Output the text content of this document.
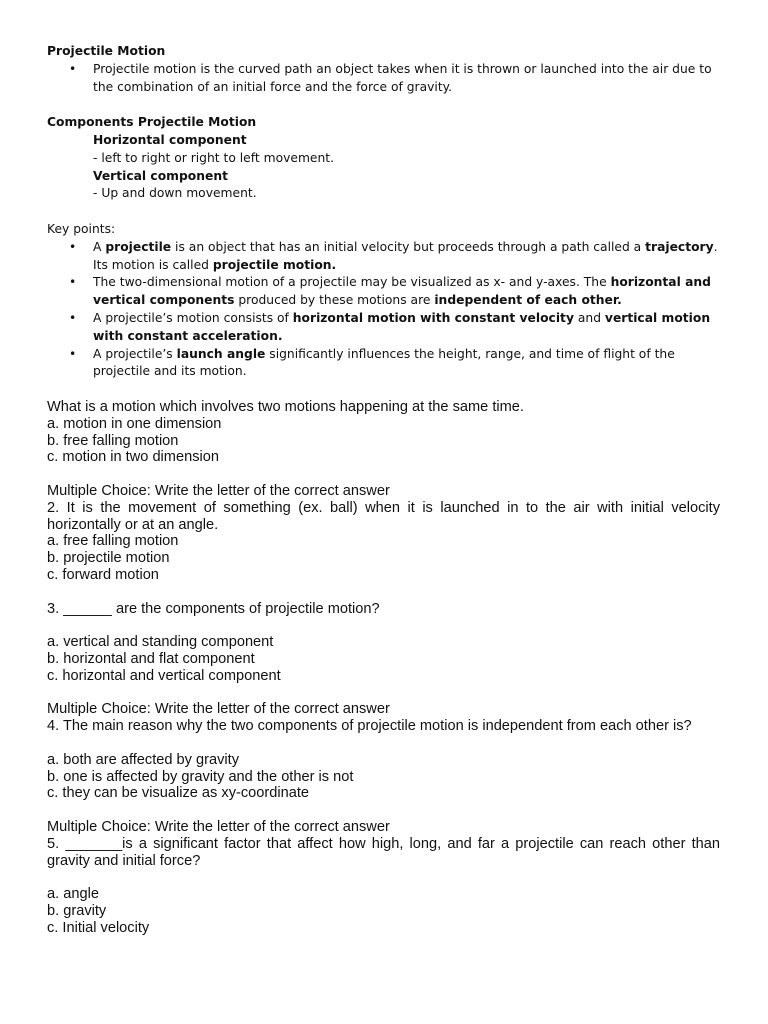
Projectile Motion
• Projectile motion is the curved path an object takes when it is thrown or launched into the air due to the combination of an initial force and the force of gravity.
Components Projectile Motion
Horizontal component
- left to right or right to left movement.
Vertical component
- Up and down movement.
Key points:
• A projectile is an object that has an initial velocity but proceeds through a path called a trajectory. Its motion is called projectile motion.
• The two-dimensional motion of a projectile may be visualized as x- and y-axes. The horizontal and vertical components produced by these motions are independent of each other.
• A projectile’s motion consists of horizontal motion with constant velocity and vertical motion with constant acceleration.
• A projectile’s launch angle significantly influences the height, range, and time of flight of the projectile and its motion.
What is a motion which involves two motions happening at the same time.
a. motion in one dimension
b. free falling motion
c. motion in two dimension
Multiple Choice: Write the letter of the correct answer
2. It is the movement of something (ex. ball) when it is launched in to the air with initial velocity horizontally or at an angle.
a. free falling motion
b. projectile motion
c. forward motion
3. ______ are the components of projectile motion?
a. vertical and standing component
b. horizontal and flat component
c. horizontal and vertical component
Multiple Choice: Write the letter of the correct answer
4. The main reason why the two components of projectile motion is independent from each other is?
a. both are affected by gravity
b. one is affected by gravity and the other is not
c. they can be visualize as xy-coordinate
Multiple Choice: Write the letter of the correct answer
5. _______is a significant factor that affect how high, long, and far a projectile can reach other than gravity and initial force?
a. angle
b. gravity
c. Initial velocity
